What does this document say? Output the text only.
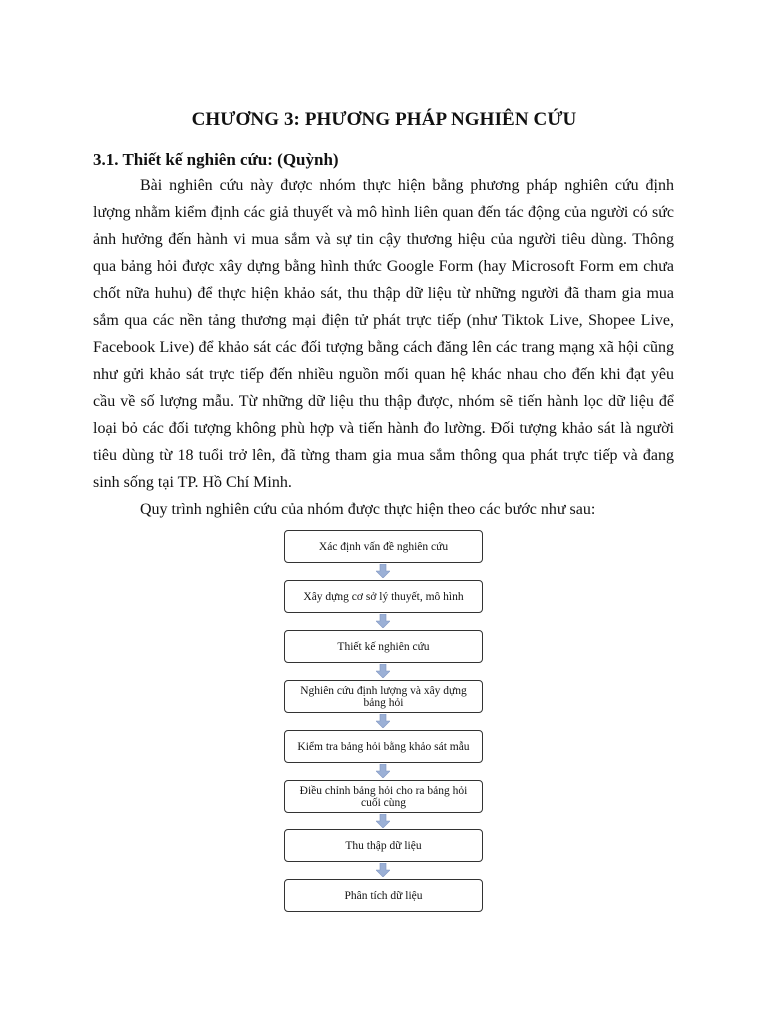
CHƯƠNG 3: PHƯƠNG PHÁP NGHIÊN CỨU
3.1. Thiết kế nghiên cứu: (Quỳnh)

Bài nghiên cứu này được nhóm thực hiện bằng phương pháp nghiên cứu định lượng nhằm kiểm định các giả thuyết và mô hình liên quan đến tác động của người có sức ảnh hưởng đến hành vi mua sắm và sự tin cậy thương hiệu của người tiêu dùng. Thông qua bảng hỏi được xây dựng bằng hình thức Google Form (hay Microsoft Form em chưa chốt nữa huhu) để thực hiện khảo sát, thu thập dữ liệu từ những người đã tham gia mua sắm qua các nền tảng thương mại điện tử phát trực tiếp (như Tiktok Live, Shopee Live, Facebook Live) để khảo sát các đối tượng bằng cách đăng lên các trang mạng xã hội cũng như gửi khảo sát trực tiếp đến nhiều nguồn mối quan hệ khác nhau cho đến khi đạt yêu cầu về số lượng mẫu. Từ những dữ liệu thu thập được, nhóm sẽ tiến hành lọc dữ liệu để loại bỏ các đối tượng không phù hợp và tiến hành đo lường. Đối tượng khảo sát là người tiêu dùng từ 18 tuổi trở lên, đã từng tham gia mua sắm thông qua phát trực tiếp và đang sinh sống tại TP. Hồ Chí Minh.

Quy trình nghiên cứu của nhóm được thực hiện theo các bước như sau:

Xác định vấn đề nghiên cứu
Xây dựng cơ sở lý thuyết, mô hình
Thiết kế nghiên cứu
Nghiên cứu định lượng và xây dựng
bảng hỏi
Kiểm tra bảng hỏi bằng khảo sát mẫu
Điều chỉnh bảng hỏi cho ra bảng hỏi
cuối cùng
Thu thập dữ liệu
Phân tích dữ liệu
